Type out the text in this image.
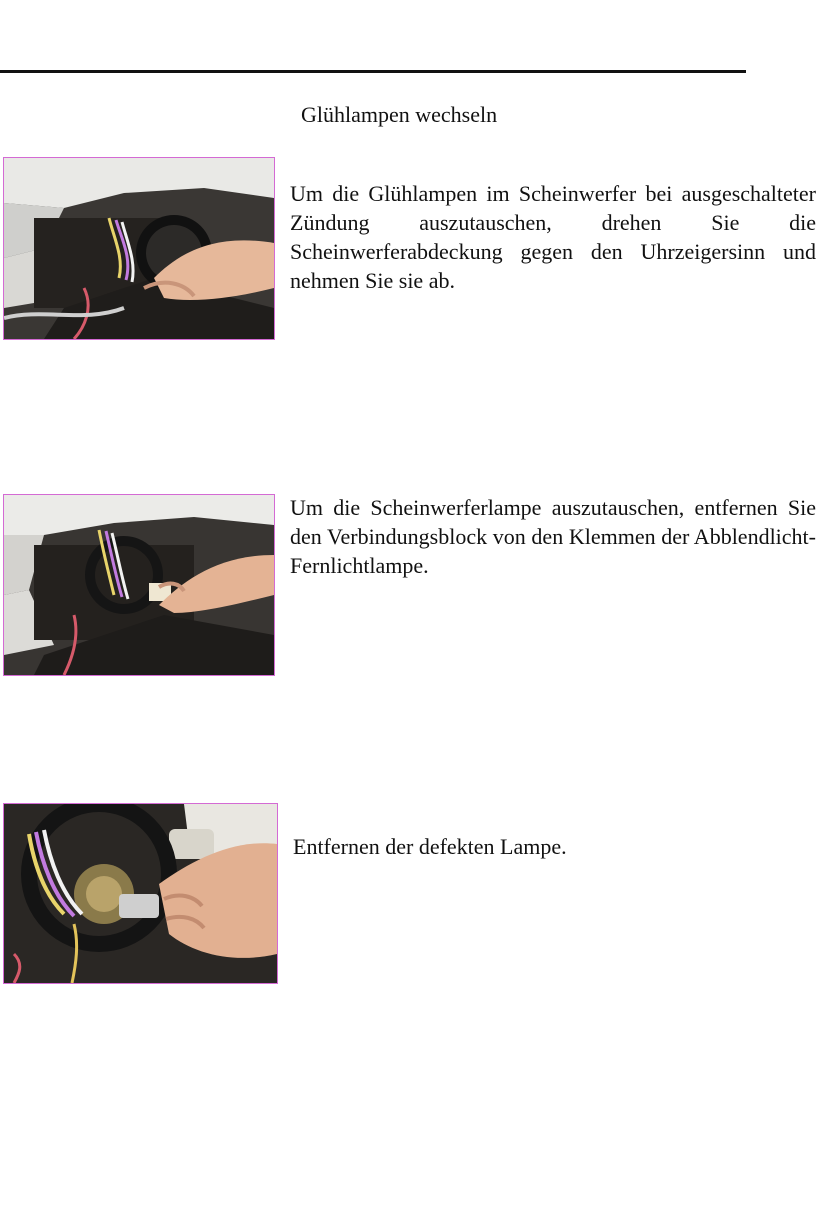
Glühlampen wechseln
Um die Glühlampen im Scheinwerfer bei ausgeschalteter Zündung auszutauschen, drehen Sie die Scheinwerferabdeckung gegen den Uhrzeigersinn und nehmen Sie sie ab.
Um die Scheinwerferlampe auszutauschen, entfernen Sie den Verbindungsblock von den Klemmen der Abblendlicht-Fernlichtlampe.
Entfernen der defekten Lampe.
